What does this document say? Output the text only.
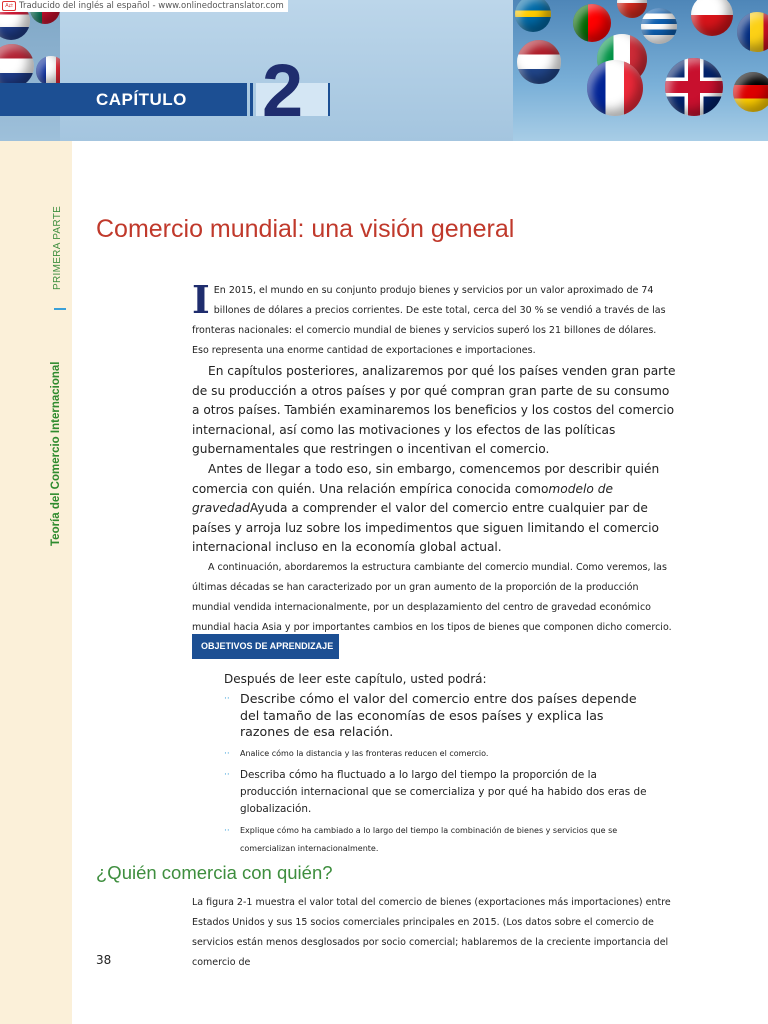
A⇄ Traducido del inglés al español - www.onlinedoctranslator.com
CAPÍTULO 2
PRIMERA PARTE
Teoría del Comercio Internacional
Comercio mundial: una visión general

I En 2015, el mundo en su conjunto produjo bienes y servicios por un valor aproximado de 74 billones de dólares a precios corrientes. De este total, cerca del 30 % se vendió a través de las fronteras nacionales: el comercio mundial de bienes y servicios superó los 21 billones de dólares. Eso representa una enorme cantidad de exportaciones e importaciones.

En capítulos posteriores, analizaremos por qué los países venden gran parte de su producción a otros países y por qué compran gran parte de su consumo a otros países. También examinaremos los beneficios y los costos del comercio internacional, así como las motivaciones y los efectos de las políticas gubernamentales que restringen o incentivan el comercio.

Antes de llegar a todo eso, sin embargo, comencemos por describir quién comercia con quién. Una relación empírica conocida comomodelo de gravedadAyuda a comprender el valor del comercio entre cualquier par de países y arroja luz sobre los impedimentos que siguen limitando el comercio internacional incluso en la economía global actual.

A continuación, abordaremos la estructura cambiante del comercio mundial. Como veremos, las últimas décadas se han caracterizado por un gran aumento de la proporción de la producción mundial vendida internacionalmente, por un desplazamiento del centro de gravedad económico mundial hacia Asia y por importantes cambios en los tipos de bienes que componen dicho comercio.

OBJETIVOS DE APRENDIZAJE

Después de leer este capítulo, usted podrá:

·· Describe cómo el valor del comercio entre dos países depende del tamaño de las economías de esos países y explica las razones de esa relación.
·· Analice cómo la distancia y las fronteras reducen el comercio.
·· Describa cómo ha fluctuado a lo largo del tiempo la proporción de la producción internacional que se comercializa y por qué ha habido dos eras de globalización.
·· Explique cómo ha cambiado a lo largo del tiempo la combinación de bienes y servicios que se comercializan internacionalmente.
¿Quién comercia con quién?

La figura 2-1 muestra el valor total del comercio de bienes (exportaciones más importaciones) entre Estados Unidos y sus 15 socios comerciales principales en 2015. (Los datos sobre el comercio de servicios están menos desglosados por socio comercial; hablaremos de la creciente importancia del comercio de

38
